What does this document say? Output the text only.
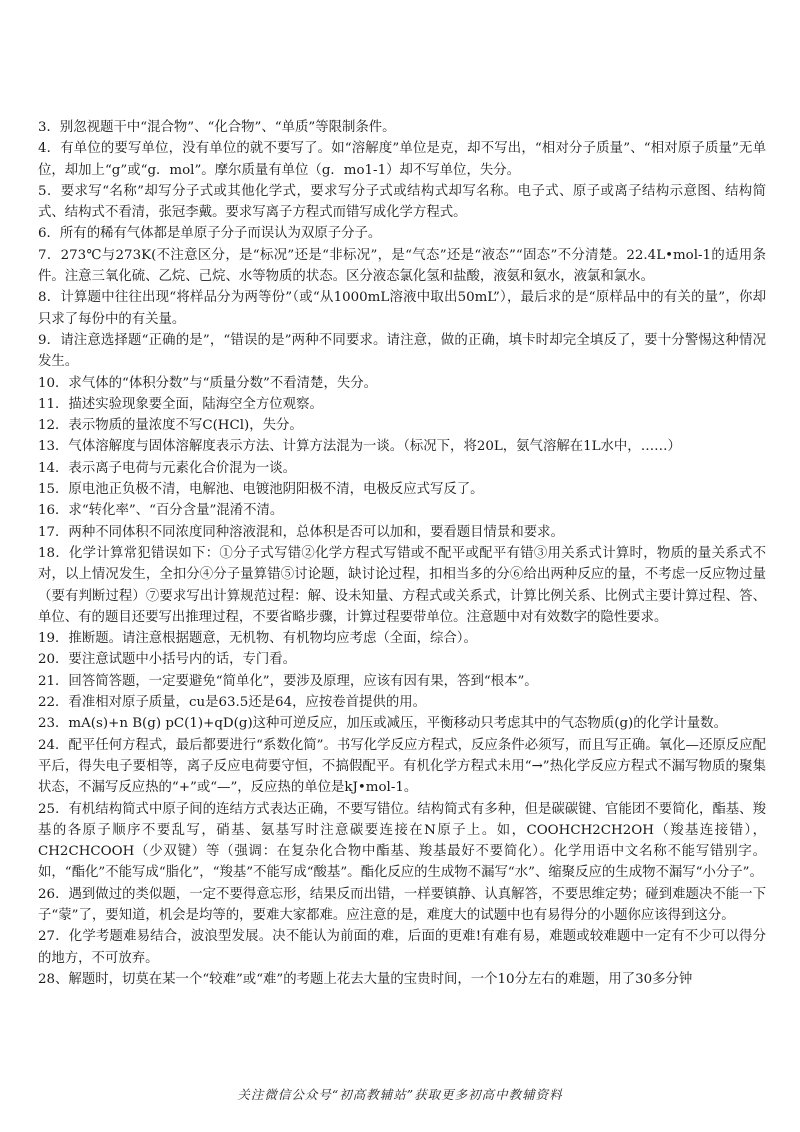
3．别忽视题干中“混合物”、“化合物”、“单质”等限制条件。

4．有单位的要写单位，没有单位的就不要写了。如“溶解度”单位是克，却不写出，“相对分子质量”、“相对原子质量”无单位，却加上“g”或“g．mol”。摩尔质量有单位（g．mo1-1）却不写单位，失分。

5．要求写“名称”却写分子式或其他化学式，要求写分子式或结构式却写名称。电子式、原子或离子结构示意图、结构简式、结构式不看清，张冠李戴。要求写离子方程式而错写成化学方程式。

6．所有的稀有气体都是单原子分子而误认为双原子分子。

7．273℃与273K(不注意区分，是“标况”还是“非标况”，是“气态”还是“液态”“固态”不分清楚。22.4L•mol-1的适用条件。注意三氧化硫、乙烷、己烷、水等物质的状态。区分液态氯化氢和盐酸，液氨和氨水，液氯和氯水。

8．计算题中往往出现“将样品分为两等份”（或“从1000mL溶液中取出50mL”），最后求的是“原样品中的有关的量”，你却只求了每份中的有关量。

9．请注意选择题“正确的是”，“错误的是”两种不同要求。请注意，做的正确，填卡时却完全填反了，要十分警惕这种情况发生。

10．求气体的“体积分数”与“质量分数”不看清楚，失分。

11．描述实验现象要全面，陆海空全方位观察。

12．表示物质的量浓度不写C(HCl)，失分。

13．气体溶解度与固体溶解度表示方法、计算方法混为一谈。（标况下，将20L，氨气溶解在1L水中，……）

14．表示离子电荷与元素化合价混为一谈。

15．原电池正负极不清，电解池、电镀池阴阳极不清，电极反应式写反了。

16．求“转化率”、“百分含量”混淆不清。

17．两种不同体积不同浓度同种溶液混和，总体积是否可以加和，要看题目情景和要求。

18．化学计算常犯错误如下：①分子式写错②化学方程式写错或不配平或配平有错③用关系式计算时，物质的量关系式不对，以上情况发生，全扣分④分子量算错⑤讨论题，缺讨论过程，扣相当多的分⑥给出两种反应的量，不考虑一反应物过量（要有判断过程）⑦要求写出计算规范过程：解、设未知量、方程式或关系式，计算比例关系、比例式主要计算过程、答、单位、有的题目还要写出推理过程，不要省略步骤，计算过程要带单位。注意题中对有效数字的隐性要求。

19．推断题。请注意根据题意，无机物、有机物均应考虑（全面，综合）。

20．要注意试题中小括号内的话，专门看。

21．回答简答题，一定要避免“简单化”，要涉及原理，应该有因有果，答到“根本”。

22．看准相对原子质量，cu是63.5还是64，应按卷首提供的用。

23．mA(s)+n B(g) pC(1)+qD(g)这种可逆反应，加压或减压，平衡移动只考虑其中的气态物质(g)的化学计量数。

24．配平任何方程式，最后都要进行“系数化简”。书写化学反应方程式，反应条件必须写，而且写正确。氧化—还原反应配平后，得失电子要相等，离子反应电荷要守恒，不搞假配平。有机化学方程式未用“→”热化学反应方程式不漏写物质的聚集状态，不漏写反应热的“+”或“—”，反应热的单位是kJ•mol-1。

25．有机结构简式中原子间的连结方式表达正确，不要写错位。结构简式有多种，但是碳碳键、官能团不要简化，酯基、羧基的各原子顺序不要乱写，硝基、氨基写时注意碳要连接在N原子上。如，COOHCH2CH2OH（羧基连接错），CH2CHCOOH（少双键）等（强调：在复杂化合物中酯基、羧基最好不要简化）。化学用语中文名称不能写错别字。如，“酯化”不能写成“脂化”，“羧基”不能写成“酸基”。酯化反应的生成物不漏写“水”、缩聚反应的生成物不漏写“小分子”。

26．遇到做过的类似题，一定不要得意忘形，结果反而出错，一样要镇静、认真解答，不要思维定势；碰到难题决不能一下子“蒙”了，要知道，机会是均等的，要难大家都难。应注意的是，难度大的试题中也有易得分的小题你应该得到这分。

27．化学考题难易结合，波浪型发展。决不能认为前面的难，后面的更难!有难有易，难题或较难题中一定有不少可以得分的地方，不可放弃。

28、解题时，切莫在某一个“较难”或“难”的考题上花去大量的宝贵时间，一个10分左右的难题，用了30多分钟

关注微信公众号“初高教辅站”获取更多初高中教辅资料
